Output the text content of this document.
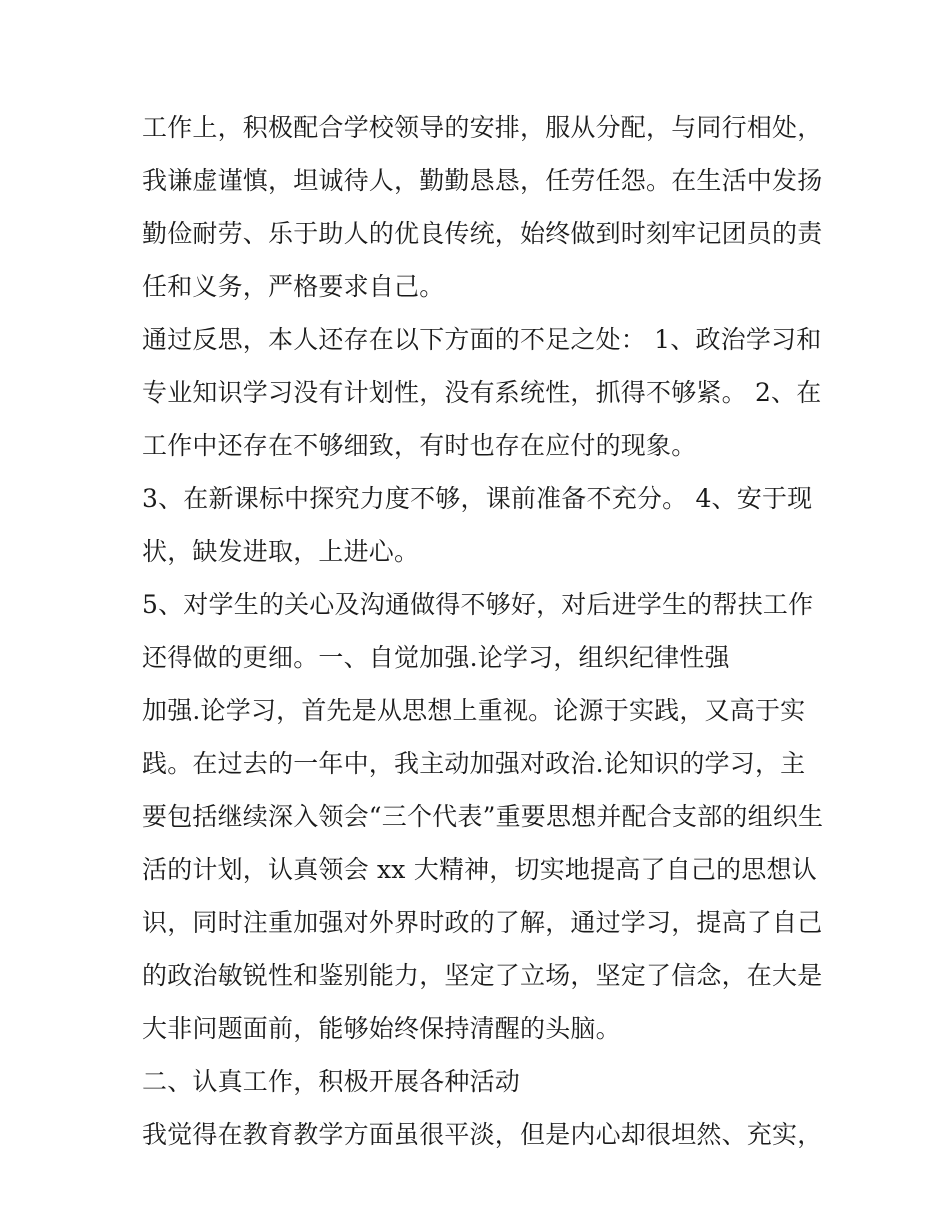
工作上，积极配合学校领导的安排，服从分配，与同行相处，
我谦虚谨慎，坦诚待人，勤勤恳恳，任劳任怨。在生活中发扬
勤俭耐劳、乐于助人的优良传统，始终做到时刻牢记团员的责
任和义务，严格要求自己。
通过反思，本人还存在以下方面的不足之处： 1、政治学习和
专业知识学习没有计划性，没有系统性，抓得不够紧。 2、在
工作中还存在不够细致，有时也存在应付的现象。
3、在新课标中探究力度不够，课前准备不充分。 4、安于现
状，缺发进取，上进心。
5、对学生的关心及沟通做得不够好，对后进学生的帮扶工作
还得做的更细。一、自觉加强.论学习，组织纪律性强
加强.论学习，首先是从思想上重视。论源于实践，又高于实
践。在过去的一年中，我主动加强对政治.论知识的学习，主
要包括继续深入领会“三个代表”重要思想并配合支部的组织生
活的计划，认真领会 xx 大精神，切实地提高了自己的思想认
识，同时注重加强对外界时政的了解，通过学习，提高了自己
的政治敏锐性和鉴别能力，坚定了立场，坚定了信念，在大是
大非问题面前，能够始终保持清醒的头脑。
二、认真工作，积极开展各种活动
我觉得在教育教学方面虽很平淡，但是内心却很坦然、充实，
